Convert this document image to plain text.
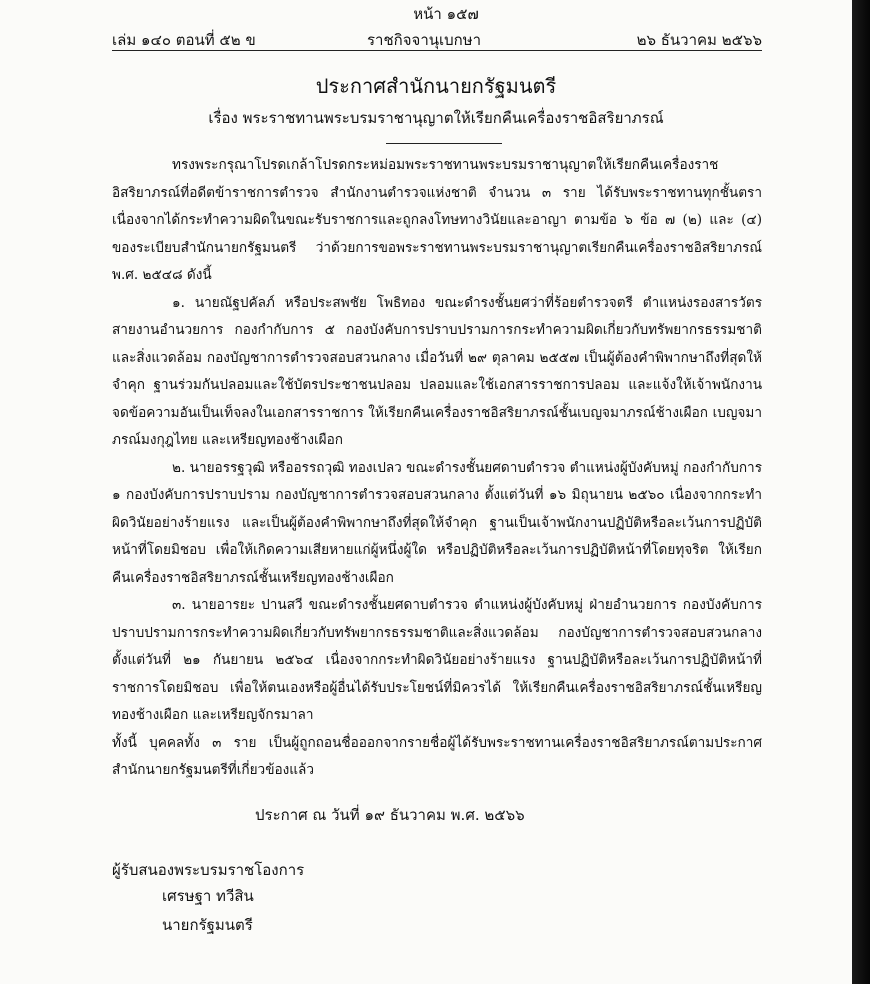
หน้า ๑๕๗
เล่ม ๑๔๐ ตอนที่ ๕๒ ข	ราชกิจจานุเบกษา	๒๖ ธันวาคม ๒๕๖๖
ประกาศสำนักนายกรัฐมนตรี
เรื่อง พระราชทานพระบรมราชานุญาตให้เรียกคืนเครื่องราชอิสริยาภรณ์

ทรงพระกรุณาโปรดเกล้าโปรดกระหม่อมพระราชทานพระบรมราชานุญาตให้เรียกคืนเครื่องราชอิสริยาภรณ์ที่อดีตข้าราชการตำรวจ สำนักงานตำรวจแห่งชาติ จำนวน ๓ ราย ได้รับพระราชทานทุกชั้นตรา เนื่องจากได้กระทำความผิดในขณะรับราชการและถูกลงโทษทางวินัยและอาญา ตามข้อ ๖ ข้อ ๗ (๒) และ (๔) ของระเบียบสำนักนายกรัฐมนตรี ว่าด้วยการขอพระราชทานพระบรมราชานุญาตเรียกคืนเครื่องราชอิสริยาภรณ์ พ.ศ. ๒๕๔๘ ดังนี้

๑. นายณัฐปคัลภ์ หรือประสพชัย โพธิทอง ขณะดำรงชั้นยศว่าที่ร้อยตำรวจตรี ตำแหน่งรองสารวัตร สายงานอำนวยการ กองกำกับการ ๕ กองบังคับการปราบปรามการกระทำความผิดเกี่ยวกับทรัพยากรธรรมชาติและสิ่งแวดล้อม กองบัญชาการตำรวจสอบสวนกลาง เมื่อวันที่ ๒๙ ตุลาคม ๒๕๕๗ เป็นผู้ต้องคำพิพากษาถึงที่สุดให้จำคุก ฐานร่วมกันปลอมและใช้บัตรประชาชนปลอม ปลอมและใช้เอกสารราชการปลอม และแจ้งให้เจ้าพนักงานจดข้อความอันเป็นเท็จลงในเอกสารราชการ ให้เรียกคืนเครื่องราชอิสริยาภรณ์ชั้นเบญจมาภรณ์ช้างเผือก เบญจมาภรณ์มงกุฎไทย และเหรียญทองช้างเผือก

๒. นายอรรฐวุฒิ หรืออรรถวุฒิ ทองเปลว ขณะดำรงชั้นยศดาบตำรวจ ตำแหน่งผู้บังคับหมู่ กองกำกับการ ๑ กองบังคับการปราบปราม กองบัญชาการตำรวจสอบสวนกลาง ตั้งแต่วันที่ ๑๖ มิถุนายน ๒๕๖๐ เนื่องจากกระทำผิดวินัยอย่างร้ายแรง และเป็นผู้ต้องคำพิพากษาถึงที่สุดให้จำคุก ฐานเป็นเจ้าพนักงานปฏิบัติหรือละเว้นการปฏิบัติหน้าที่โดยมิชอบ เพื่อให้เกิดความเสียหายแก่ผู้หนึ่งผู้ใด หรือปฏิบัติหรือละเว้นการปฏิบัติหน้าที่โดยทุจริต ให้เรียกคืนเครื่องราชอิสริยาภรณ์ชั้นเหรียญทองช้างเผือก

๓. นายอารยะ ปานสวี ขณะดำรงชั้นยศดาบตำรวจ ตำแหน่งผู้บังคับหมู่ ฝ่ายอำนวยการ กองบังคับการปราบปรามการกระทำความผิดเกี่ยวกับทรัพยากรธรรมชาติและสิ่งแวดล้อม กองบัญชาการตำรวจสอบสวนกลาง ตั้งแต่วันที่ ๒๑ กันยายน ๒๕๖๔ เนื่องจากกระทำผิดวินัยอย่างร้ายแรง ฐานปฏิบัติหรือละเว้นการปฏิบัติหน้าที่ราชการโดยมิชอบ เพื่อให้ตนเองหรือผู้อื่นได้รับประโยชน์ที่มิควรได้ ให้เรียกคืนเครื่องราชอิสริยาภรณ์ชั้นเหรียญทองช้างเผือก และเหรียญจักรมาลา

ทั้งนี้ บุคคลทั้ง ๓ ราย เป็นผู้ถูกถอนชื่อออกจากรายชื่อผู้ได้รับพระราชทานเครื่องราชอิสริยาภรณ์ตามประกาศสำนักนายกรัฐมนตรีที่เกี่ยวข้องแล้ว

ประกาศ ณ วันที่ ๑๙ ธันวาคม พ.ศ. ๒๕๖๖
ผู้รับสนองพระบรมราชโองการ
เศรษฐา ทวีสิน
นายกรัฐมนตรี
